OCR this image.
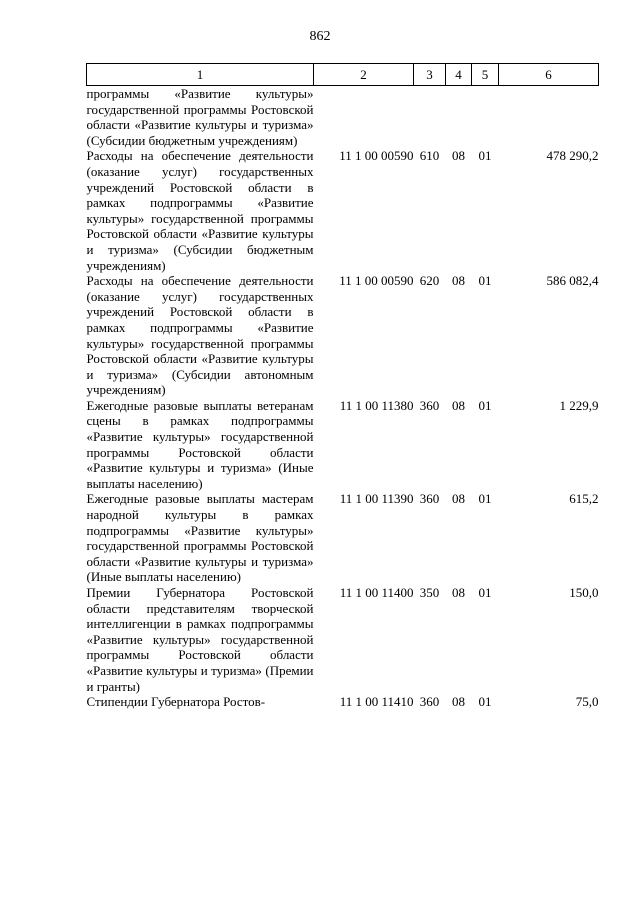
862
1	2	3	4	5	6
программы «Развитие культуры» государственной программы Ростовской области «Развитие культуры и туризма» (Субсидии бюджетным учреждениям)					
Расходы на обеспечение деятельности (оказание услуг) государственных учреждений Ростовской области в рамках подпрограммы «Развитие культуры» государственной программы Ростовской области «Развитие культуры и туризма» (Субсидии бюджетным учреждениям)	11 1 00 00590	610	08	01	478 290,2
Расходы на обеспечение деятельности (оказание услуг) государственных учреждений Ростовской области в рамках подпрограммы «Развитие культуры» государственной программы Ростовской области «Развитие культуры и туризма» (Субсидии автономным учреждениям)	11 1 00 00590	620	08	01	586 082,4
Ежегодные разовые выплаты ветеранам сцены в рамках подпрограммы «Развитие культуры» государственной программы Ростовской области «Развитие культуры и туризма» (Иные выплаты населению)	11 1 00 11380	360	08	01	1 229,9
Ежегодные разовые выплаты мастерам народной культуры в рамках подпрограммы «Развитие культуры» государственной программы Ростовской области «Развитие культуры и туризма» (Иные выплаты населению)	11 1 00 11390	360	08	01	615,2
Премии Губернатора Ростовской области представителям творческой интеллигенции в рамках подпрограммы «Развитие культуры» государственной программы Ростовской области «Развитие культуры и туризма» (Премии и гранты)	11 1 00 11400	350	08	01	150,0
Стипендии Губернатора Ростов-	11 1 00 11410	360	08	01	75,0
